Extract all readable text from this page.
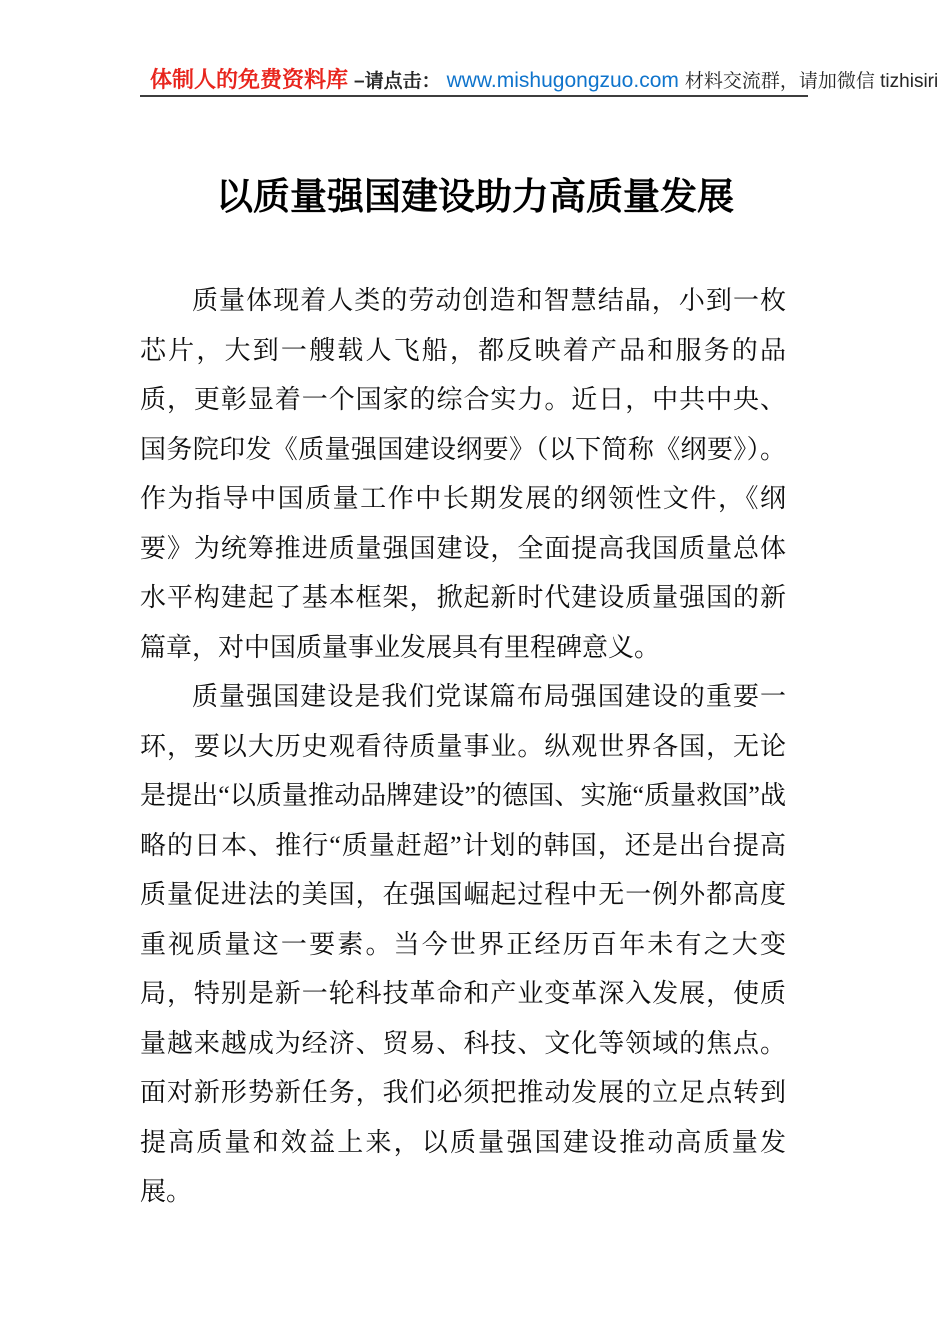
体制人的免费资料库 –请点击： www.mishugongzuo.com 材料交流群，请加微信 tizhisiri
以质量强国建设助力高质量发展

质量体现着人类的劳动创造和智慧结晶，小到一枚芯片，大到一艘载人飞船，都反映着产品和服务的品质，更彰显着一个国家的综合实力。近日，中共中央、国务院印发《质量强国建设纲要》（以下简称《纲要》）。作为指导中国质量工作中长期发展的纲领性文件，《纲要》为统筹推进质量强国建设，全面提高我国质量总体水平构建起了基本框架，掀起新时代建设质量强国的新篇章，对中国质量事业发展具有里程碑意义。

质量强国建设是我们党谋篇布局强国建设的重要一环，要以大历史观看待质量事业。纵观世界各国，无论是提出“以质量推动品牌建设”的德国、实施“质量救国”战略的日本、推行“质量赶超”计划的韩国，还是出台提高质量促进法的美国，在强国崛起过程中无一例外都高度重视质量这一要素。当今世界正经历百年未有之大变局，特别是新一轮科技革命和产业变革深入发展，使质量越来越成为经济、贸易、科技、文化等领域的焦点。面对新形势新任务，我们必须把推动发展的立足点转到提高质量和效益上来，以质量强国建设推动高质量发展。
